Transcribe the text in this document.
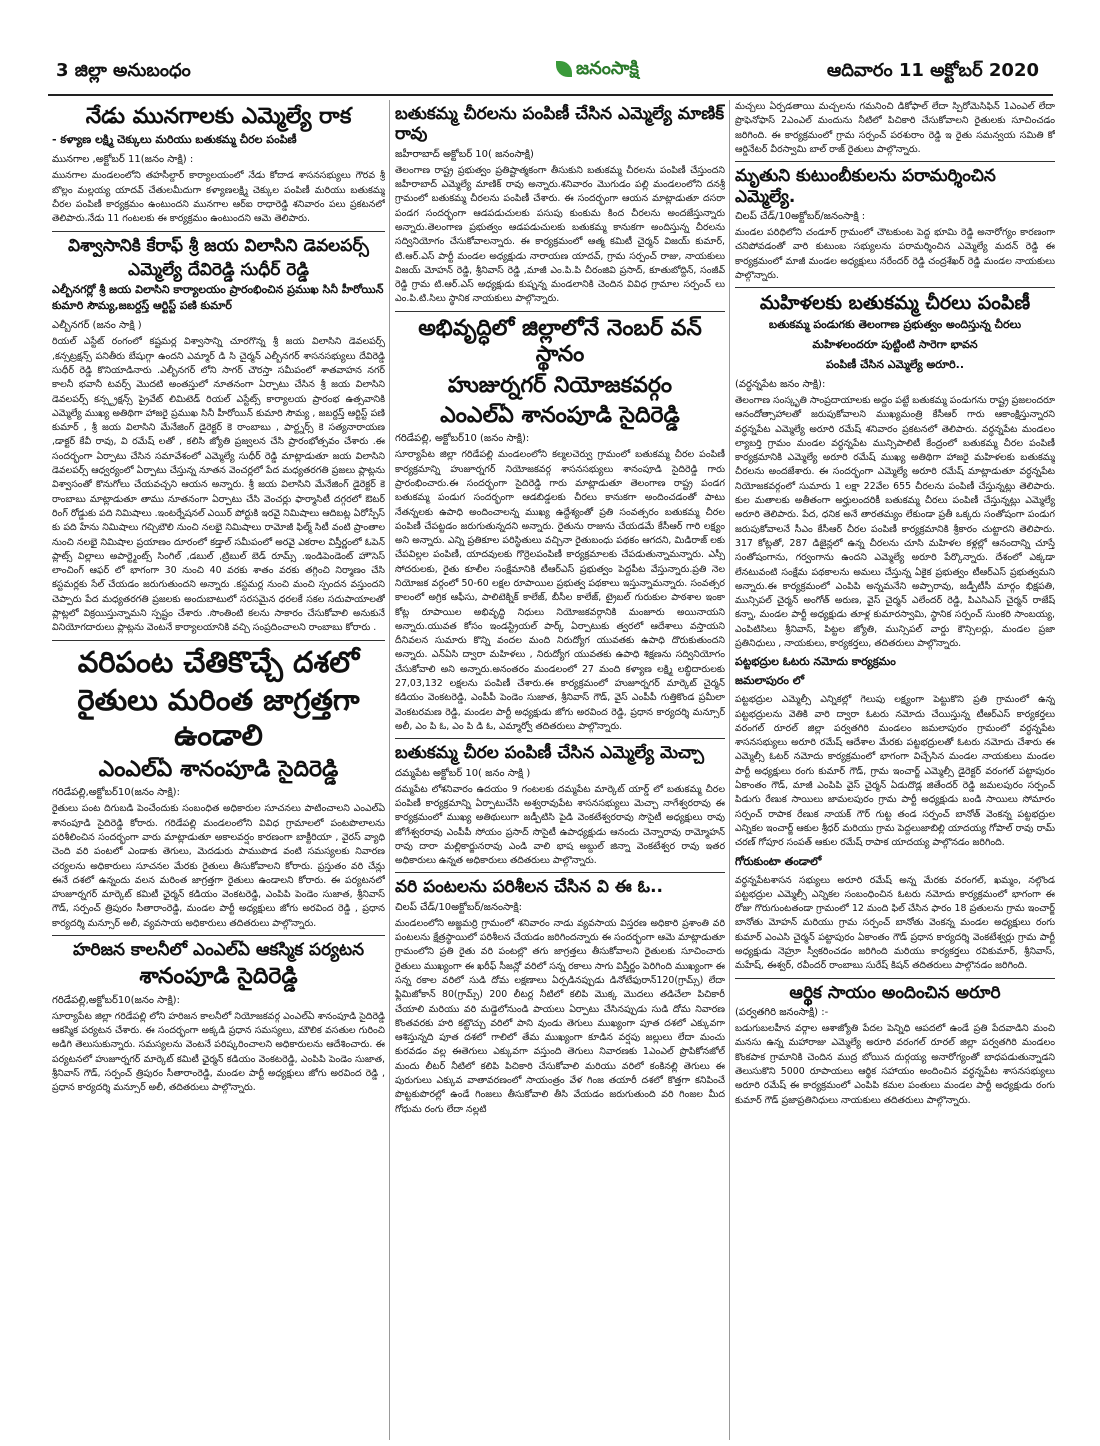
3 జిల్లా అనుబంధం	జనంసాక్షి	ఆదివారం 11 అక్టోబర్ 2020
నేడు మునగాలకు ఎమ్మెల్యే రాక
- కళ్యాణ లక్ష్మి చెక్కులు మరియు బతుకమ్మ చీరల పంపిణీ
మునగాల ,అక్టోబర్ 11(జనం సాక్షి) :
మునగాల మండలంలోని తహసీల్దార్ కార్యాలయంలో నేడు కోదాడ శాసనసభ్యులు గౌరవ శ్రీ బొల్లం మల్లయ్య యాదవ్ చేతులమీదుగా కళ్యాణలక్ష్మి చెక్కుల పంపిణీ మరియు బతుకమ్మ చీరల పంపిణీ కార్యక్రమం ఉంటుందని మునగాల ఆర్ఐ రాధారెడ్డి శనివారం పలు ప్రకటనలో తెలిపారు.నేడు 11 గంటలకు ఈ కార్యక్రమం ఉంటుందని ఆమె తెలిపారు.
విశ్వాసానికి కేరాఫ్ శ్రీ జయ విలాసిని డెవలపర్స్
ఎమ్మెల్యే దేవిరెడ్డి సుధీర్ రెడ్డి
ఎల్బీనగర్లో శ్రీ జయ విలాసిని కార్యాలయం ప్రారంభించిన ప్రముఖ సినీ హీరోయిన్ కుమారి సౌమ్య,జబర్దస్త్ ఆర్టిస్ట్ పణి కుమార్
ఎల్బీనగర్ (జనం సాక్షి )
రియల్ ఎస్టేట్ రంగంలో కష్టమర్ల విశ్వాసాన్ని చూరగొన్న శ్రీ జయ విలాసిని డెవలపర్స్ ,కన్సట్రక్షన్స్ పనితీరు బేషుగ్గా ఉందని ఎమ్మార్ డి సి చైర్మన్ ఎల్బీనగర్ శాసనసభ్యులు దేవిరెడ్డి సుధీర్ రెడ్డి కొనియాడినారు .ఎల్బీనగర్ లోని సాగర్ చౌరస్తా సమీపంలో శాతవాహన నగర్ కాలనీ భవానీ టవర్స్ మొదటి అంతస్తులో నూతనంగా ఏర్పాటు చేసిన శ్రీ జయ విలాసిని డెవలపర్స్ కన్స్ట్రక్షన్స్ ప్రైవేట్ లిమిటెడ్ రియల్ ఎస్టేట్స్ కార్యాలయ ప్రారంభ ఉత్సవానికి ఎమ్మెల్యే ముఖ్య అతిథిగా హాజరై ప్రముఖ సినీ హీరోయిన్ కుమారి సౌమ్య , జబర్దస్త్ ఆర్టిస్ట్ పణి కుమార్ , శ్రీ జయ విలాసిని మేనేజింగ్ డైరెక్టర్ కె రాంబాబు , పార్ట్నర్స్ కె సత్యనారాయణ ,డాక్టర్ కేవీ రావు, వి రమేష్ లతో , కలిసి జ్యోతి ప్రజ్వలన చేసి ప్రారంభోత్సవం చేశారు .ఈ సందర్భంగా ఏర్పాటు చేసిన సమావేశంలో ఎమ్మెల్యే సుధీర్ రెడ్డి మాట్లాడుతూ జయ విలాసిని డెవలపర్స్ ఆధ్వర్యంలో ఏర్పాటు చేస్తున్న నూతన వెంచర్లలో పేద మధ్యతరగతి ప్రజలు ప్లాట్లను విశ్వాసంతో కొనుగోలు చేయవచ్చని ఆయన అన్నారు. శ్రీ జయ విలాసిని మేనేజింగ్ డైరెక్టర్ కె రాంబాబు మాట్లాడుతూ తాము నూతనంగా ఏర్పాటు చేసి వెంచర్లు ఫార్మాసిటీ దగ్గరలో ఔటర్ రింగ్ రోడ్డుకు పది నిమిషాలు .ఇంటర్నేషనల్ ఎయిర్ పోర్టుకి ఇరవై నిమిషాలు ఆదిబట్ల ఏరోస్పేస్ కు పది హేను నిమిషాలు గచ్చిబౌలి నుంచి నలభై నిమిషాలు రామోజీ ఫిల్మ్ సిటీ వంటి ప్రాంతాల నుంచి నలభై నిమిషాల ప్రయాణం దూరంలో కడ్తాల్ సమీపంలో అరవై ఎకరాల విస్తీర్ణంలో ఓపెన్ ప్లాట్స్ విల్లాలు అపార్ట్మెంట్స్ సింగిల్ ,డబుల్ ,ట్రిబుల్ బెడ్ రూమ్స్ .ఇండిపెండెంట్ హౌసెస్ లాంచింగ్ ఆఫర్ లో భాగంగా 30 నుంచి 40 వరకు శాతం వరకు తగ్గించి నిర్మాణం చేసి కస్టమర్లకు సేల్ చేయడం జరుగుతుందని అన్నారు .కస్టమర్ల నుంచి మంచి స్పందన వస్తుందని చెప్పారు పేద మధ్యతరగతి ప్రజలకు అందుబాటులో సరసమైన ధరలకే సకల సదుపాయాలతో ప్లాట్లలో విక్రయిస్తున్నామని స్పష్టం చేశారు .సొంతింటి కలను సాకారం చేసుకోవాలి అనుకునే వినియోగదారులు ప్లాట్లను వెంటనే కార్యాలయానికి వచ్చి సంప్రదించాలని రాంబాబు కోరారు .
వరిపంట చేతికొచ్చే దశలో
రైతులు మరింత జాగ్రత్తగా ఉండాలి
ఎంఎల్ఏ శానంపూడి సైదిరెడ్డి
గరిడేపల్లి,అక్టోబర్10(జనం సాక్షి):
రైతులు పంట దిగుబడి పెంచేందుకు సంబంధిత అధికారుల సూచనలు పాటించాలని ఎంఎల్ఏ శానంపూడి సైదిరెడ్డి కోరారు. గరిడేపల్లి మండలంలోని వివిధ గ్రామాలలో పంటపొలాలను పరిశీలించిన సందర్భంగా వారు మాట్లాడుతూ అకాలవర్షం కారణంగా బాక్టీరియా , వైరస్ వ్యాధి చెంది వరి పంటలో ఎండాకు తెగులు, మెదడురు పాముపొడ వంటి సమస్యలకు నివారణ చర్యలను అధికారులు సూచనల మేరకు రైతులు తీసుకోవాలని కోరారు. ప్రస్తుతం వరి చేన్లు ఈనే దశలో ఉన్నందు వలన మరింత జాగ్రత్తగా రైతులు ఉండాలని కోరారు. ఈ పర్యటనలో హుజూర్నగర్ మార్కెట్ కమిటీ ఛైర్మన్ కడియం వెంకటరెడ్డి, ఎంపిపి పెండెం సుజాత, శ్రీనివాస్ గౌడ్, సర్పంచ్ త్రిపురం సీతారాంరెడ్డి, మండల పార్టీ అధ్యక్షులు జోగు అరవింద రెడ్డి , ప్రధాన కార్యదర్శి మన్సూర్ అలీ, వ్యవసాయ అధికారులు తదితరులు పాల్గొన్నారు.
హరిజన కాలనీలో ఎంఎల్ఏ ఆకస్మిక పర్యటన
శానంపూడి సైదిరెడ్డి
గరిడేపల్లి,అక్టోబర్10(జనం సాక్షి):
సూర్యాపేట జిల్లా గరిడేపల్లి లోని హరిజన కాలనీలో నియోజకవర్గ ఎంఎల్ఏ శానంపూడి సైదిరెడ్డి ఆకస్మిక పర్యటన చేశారు. ఈ సందర్భంగా అక్కడి ప్రధాన సమస్యలు, మౌలిక వసతుల గురించి అడిగి తెలుసుకున్నారు. సమస్యలను వెంటనే పరిష్కరించాలని అధికారులను ఆదేశించారు. ఈ పర్యటనలో హుజూర్నగర్ మార్కెట్ కమిటీ ఛైర్మన్ కడియం వెంకటరెడ్డి, ఎంపిపి పెండెం సుజాత, శ్రీనివాస్ గౌడ్, సర్పంచ్ త్రిపురం సీతారాంరెడ్డి, మండల పార్టీ అధ్యక్షులు జోగు అరవింద రెడ్డి , ప్రధాన కార్యదర్శి మన్సూర్ అలీ, తదితరులు పాల్గొన్నారు.
బతుకమ్మ చీరలను పంపిణీ చేసిన ఎమ్మెల్యే మాణిక్ రావు
జహీరాబాద్ అక్టోబర్ 10( జనంసాక్షి)
తెలంగాణ రాష్ట్ర ప్రభుత్వం ప్రతిష్టాత్మకంగా తీసుకుని బతుకమ్మ చీరలను పంపిణీ చేస్తుందని జహీరాబాద్ ఎమ్మెల్యే మాణిక్ రావు అన్నారు.శనివారం మొగుడం పల్లి మండలంలోని దనశ్రీ గ్రామంలో బతుకమ్మ చీరలను పంపిణీ చేశారు. ఈ సందర్భంగా ఆయన మాట్లాడుతూ దసరా పండగ సందర్భంగా ఆడపడుచులకు పసుపు కుంకుమ కింద చీరలను అందజేస్తున్నారు అన్నారు.తెలంగాణ ప్రభుత్వం ఆడపడుచులకు బతుకమ్మ కానుకగా అందిస్తున్న చీరలను సద్వినియోగం చేసుకోవాలన్నారు. ఈ కార్యక్రమంలో ఆత్మ కమిటీ చైర్మన్ విజయ్ కుమార్, టి.ఆర్.ఎస్ పార్టీ మండల అధ్యక్షుడు నారాయణ యాదవ్, గ్రామ సర్పంచ్ రాజు, నాయకులు విజయ్ మోహన్ రెడ్డి, శ్రీనివాస్ రెడ్డి ,మాజీ ఎం.పి.పి చీరంజివి ప్రసాద్, కూతుబోద్దిన్, సంజీవ్ రెడ్డి గ్రామ టి.ఆర్.ఎస్ అధ్యక్షుడు కుష్నన్న మండలానికి చెందిన వివిధ గ్రామాల సర్పంచ్ లు ఎం.పి.టి.సిలు స్థానిక నాయకులు పాల్గొన్నారు.
అభివృద్ధిలో జిల్లాలోనే నెంబర్ వన్ స్థానం
హుజుర్నగర్ నియోజకవర్గం
ఎంఎల్ఏ శానంపూడి సైదిరెడ్డి
గరిడేపల్లి, అక్టోబర్10 (జనం సాక్షి):
సూర్యాపేట జిల్లా గరిడేపల్లి మండలంలోని కల్మలచెర్వు గ్రామంలో బతుకమ్మ చీరల పంపిణీ కార్యక్రమాన్ని హుజూర్నగర్ నియోజకవర్గ శాసనసభ్యులు శానంపూడి సైదిరెడ్డి గారు ప్రారంభించారు.ఈ సందర్భంగా సైదిరెడ్డి గారు మాట్లాడుతూ తెలంగాణ రాష్ట్ర పండగ బతుకమ్మ పండుగ సందర్భంగా ఆడబిడ్డలకు చీరలు కానుకగా అందించడంతో పాటు నేతన్నలకు ఉపాధి అందించాలన్న ముఖ్య ఉద్దేశ్యంతో ప్రతి సంవత్సరం బతుకమ్మ చీరల పంపిణీ చేపట్టడం జరుగుతున్నదని అన్నారు. రైతును రాజును చేయడమే కేసీఆర్ గారి లక్ష్యం అని అన్నారు. ఎన్ని ప్రతికూల పరిస్థితులు వచ్చినా రైతుబంధు పథకం ఆగదని, మిడిరాజ్ లకు చేపవిల్లల పంపిణీ, యాదవులకు గొర్రెలపంపిణీ కార్యక్రమాలకు చేపడుతున్నామన్నారు. ఎస్సీ సోదరులకు, రైతు కూలీల సంక్షేమానికి టీఆర్ఎస్ ప్రభుత్వం పెద్దపీట వేస్తున్నారు.ప్రతి నెల నియోజక వర్గంలో 50-60 లక్షల రూపాయిల ప్రభుత్వ పథకాలు ఇస్తున్నామన్నారు. సంవత్సర కాలంలో అగ్రిక ఆఫీసు, పాలిటెక్నిక్ కాలేజ్, బీసీల కాలేజ్, ట్రైబల్ గురుకుల పాఠశాల ఇంకా కోట్ల రూపాయిల అభివృద్ధి నిధులు నియోజకవర్గానికి మంజూరు అయినాయని అన్నారు.యువత కోసం ఇండస్ట్రియల్ పార్క్ ఏర్పాటుకు త్వరలో ఆదేశాలు వస్తాయని దీనివలన సుమారు కొన్ని వందల మంది నిరుద్యోగ యువతకు ఉపాధి దొరుకుతుందని అన్నారు. ఎన్ఏసి ద్వారా మహిళలు , నిరుద్యోగ యువతకు ఉపాధి శిక్షణను సద్వినియోగం చేసుకోవాలి అని అన్నారు.అనంతరం మండలంలో 27 మంది కళ్యాణ లక్ష్మి లబ్ధిదారులకు 27,03,132 లక్షలను పంపిణీ చేశారు.ఈ కార్యక్రమంలో హుజూర్నగర్ మార్కెట్ చైర్మన్ కడియం వెంకటరెడ్డి, ఎంపీపీ పెండెం సుజాత, శ్రీనివాస్ గౌడ్, వైస్ ఎంపీపీ గుత్తికొండ ప్రమీలా వెంకటరమణ రెడ్డి, మండల పార్టీ అధ్యక్షుడు జోగు అరవింద రెడ్డి, ప్రధాన కార్యదర్శి మన్సూర్ అలీ, ఎం పి ఓ, ఎం పి డి ఓ, ఎమ్మార్వో తదితరులు పాల్గొన్నారు.
బతుకమ్మ చీరల పంపిణీ చేసిన ఎమ్మెల్యే మెచ్చా
దమ్మపేట అక్టోబర్ 10( జనం సాక్షి )
దమ్మపేట లోశనివారం ఉదయం 9 గంటలకు దమ్మపేట మార్కెట్ యార్డ్ లో బతుకమ్మ చీరల పంపిణీ కార్యక్రమాన్ని ఏర్పాటుచేసి అశ్వరావుపేట శాసనసభ్యులు మెచ్చా నాగేశ్వరరావు ఈ కార్యక్రమంలో ముఖ్య అతిథులుగా జడ్పీటిసి పైడి వెంకటేశ్వరరావు సొసైటీ అధ్యక్షులు రావు జోగేశ్వరరావు ఎంపీపీ సోయం ప్రసాద్ సొసైటీ ఉపాధ్యక్షుడు ఆనందు చెన్నారావు రామ్మోహన్ రావు దారా మల్లికార్జునరావు ఎండి వాలి భాష అబ్దుల్ జిన్నా వెంకటేశ్వర రావు ఇతర అధికారులు ఉన్నత అధికారులు తదితరులు పాల్గొన్నారు.
వరి పంటలను పరిశీలన చేసిన వి ఈ ఓ..
చిలప్ చేడ్/10అక్టోబర్/జనంసాక్షి:
మండలంలోని అజ్జమర్రి గ్రామంలో శనివారం నాడు వ్యవసాయ విస్తరణ అధికారి ప్రశాంతి వరి పంటలను క్షేత్రస్థాయిలో పరిశీలన చేయడం జరిగిందన్నారు ఈ సందర్భంగా ఆమె మాట్లాడుతూ గ్రామంలోని ప్రతి రైతు వరి పంటల్లొ తగు జాగ్రత్తలు తీసుకోవాలని రైతులకు సూచించారు రైతులు ముఖ్యంగా ఈ ఖరీఫ్ సీజన్లో వరిలో సన్న రకాలు సాగు విస్తీర్ణం పెరిగింది ముఖ్యంగా ఈ సన్న రకాల వరిలో సుడి దోమ లక్షణాలు ఏర్పడినప్పుడు డినోటేఫురాన్120(గ్రామ్స్) లేదా ఫ్లిమిజోకాన్ 80(గ్రామ్స్) 200 లీటర్ల నీటిలో కలిపి మొక్క మొదలు తడిచేలా పిచికారీ చేయాలి మరియు వరి మడ్డెలోనుండి పాయలు ఏర్పాటు చేసినప్పుడు సుడి దోమ నివారణ కొంతవరకు హరి కట్టొచ్చు వరిలో పాని వుండు తెగులు ముఖ్యంగా పూత దశలో ఎక్కువగా ఆశిస్తున్నది పూత దశలో గాలిలో తేమ ముఖ్యంగా కూడిన వర్షపు జల్లులు లేదా మంచు కురవడం వల్ల ఈతెగులు ఎక్కువగా వస్తుంది తెగులు నివారణకు 1ఎంఎల్ ప్రొపికోనజోల్ మందు లీటర్ నీటిలో కలిపి పిచికారి చేసుకోవాలి మరియు వరిలో కంకినల్లి తెగులు ఈ పురుగులు ఎక్కువ వాతావరణంలో సాయంత్రం వేళ గింజ తయారీ దశలో కొత్తగా కనిపించే పొట్టకుపొరల్లో ఉండే గింజలు తీసుకోవాలి తీసి వేయడం జరుగుతుంది వరి గింజల మీద గోధుమ రంగు లేదా నల్లటి
మచ్చలు ఏర్పడతాయి మచ్చలను గమనించి డికోఫాల్ లేదా స్పిరోమెసిఫిన్ 1ఎంఎల్ లేదా ప్రొఫెనోఫాస్ 2ఎంఎల్ మందును నీటిలో పిచికారి చేసుకోవాలని రైతులకు సూచించడం జరిగింది. ఈ కార్యక్రమంలో గ్రామ సర్పంచ్ పరశురాం రెడ్డి ఇ రైతు సమన్వయ సమితి కో ఆర్డినేటర్ వీరస్వామి బాల్ రాజ్ రైతులు పాల్గొన్నారు.
మృతుని కుటుంబీకులను పరామర్శించిన ఎమ్మెల్యే.
చిలప్ చేడ్/10అక్టోబర్/జనంసాక్షి :
మండల పరిధిలోని చండూర్ గ్రామంలో చౌటకుంట పెద్ద భూమి రెడ్డి అనారోగ్యం కారణంగా చనిపోవడంతో వారి కుటుంబ సభ్యులను పరామర్శించిన ఎమ్మెల్యే మదన్ రెడ్డి ఈ కార్యక్రమంలో మాజీ మండల అధ్యక్షులు నరేందర్ రెడ్డి చంద్రశేఖర్ రెడ్డి మండల నాయకులు పాల్గొన్నారు.
మహిళలకు బతుకమ్మ చీరలు పంపిణీ
బతుకమ్మ పండుగకు తెలంగాణ ప్రభుత్వం అందిస్తున్న చీరలు
మహిళలందరూ పుట్టింటి సారెగా భావన
పంపిణీ చేసిన ఎమ్మెల్యే అరూరి..
(వర్ధన్నపేట జనం సాక్షి):
తెలంగాణ సంస్కృతి సాంప్రదాయాలకు అద్దం పట్టే బతుకమ్మ పండుగను రాష్ట్ర ప్రజలందరూ ఆనందోత్సాహాలతో జరుపుకోవాలని ముఖ్యమంత్రి కేసీఆర్ గారు ఆకాంక్షిస్తున్నారని వర్ధన్నపేట ఎమ్మెల్యే అరూరి రమేష్ శనివారం ప్రకటనలో తెలిపారు. వర్ధన్నపేట మండలం ల్యాబర్తి గ్రామం మండల వర్ధన్నపేట మున్సిపాలిటీ కేంద్రంలో బతుకమ్మ చీరల పంపిణీ కార్యక్రమానికి ఎమ్మెల్యే అరూరి రమేష్ ముఖ్య అతిథిగా హాజరై మహిళలకు బతుకమ్మ చీరలను అందజేశారు. ఈ సందర్భంగా ఎమ్మెల్యే అరూరి రమేష్ మాట్లాడుతూ వర్ధన్నపేట నియోజకవర్గంలో సుమారు 1 లక్షా 22వేల 655 చీరలను పంపిణీ చేస్తున్నట్లు తెలిపారు. కుల మతాలకు అతీతంగా అర్హులందరికీ బతుకమ్మ చీరలు పంపిణీ చేస్తున్నట్లు ఎమ్మెల్యే అరూరి తెలిపారు. పేద, ధనిక అనే తారతమ్యం లేకుండా ప్రతీ ఒక్కరు సంతోషంగా పండుగ జరుపుకోవాలనే సీఎం కేసీఆర్ చీరల పంపిణీ కార్యక్రమానికి శ్రీకారం చుట్టారని తెలిపారు. 317 కోట్లతో, 287 డిజైన్లలో ఉన్న చీరలను చూసి మహిళల కళ్లల్లో ఆనందాన్ని చూస్తే సంతోషంగాను, గర్వంగాను ఉందని ఎమ్మెల్యే అరూరి పేర్కొన్నారు. దేశంలో ఎక్కడా లేనటువంటి సంక్షేమ పథకాలను అమలు చేస్తున్న ఏకైక ప్రభుత్వం టీఆర్ఎస్ ప్రభుత్వమని అన్నారు.ఈ కార్యక్రమంలో ఎంపిపి అన్నమనేని అప్పారావు, జడ్పీటీసీ మార్గం భిక్షపతి, మున్సిపల్ చైర్మన్ అంగోత్ అరుణ, వైస్ చైర్మన్ ఎలేందర్ రెడ్డి, పిఎసిఎస్ చైర్మన్ రాజేష్ కన్నా, మండల పార్టీ అధ్యక్షుడు తూళ్ల కుమారస్వామి, స్థానిక సర్పంచ్ సుంకరి సాంబయ్య, ఎంపిటిసిలు శ్రీనివాస్, పిట్టల జ్యోతి, మున్సిపల్ వార్డు కౌన్సిలర్లు, మండల ప్రజా ప్రతినిధులు , నాయకులు, కార్యకర్తలు, తదితరులు పాల్గొన్నారు.
పట్టభద్రుల ఓటరు నమోదు కార్యక్రమం
జమలాపురం లో
పట్టభద్రుల ఎమ్మెల్సీ ఎన్నికల్లో గెలుపు లక్ష్యంగా పెట్టుకొని ప్రతి గ్రామంలో ఉన్న పట్టభద్రులను వెతికి వారి ద్వారా ఓటరు నమోదు చేయిస్తున్న టీఆర్ఎస్ కార్యకర్తలు వరంగల్ రూరల్ జిల్లా పర్వతగిరి మండలం జమలాపురం గ్రామంలో వర్ధన్నపేట శాసనసభ్యులు అరూరి రమేష్ ఆదేశాల మేరకు పట్టభద్రులతో ఓటరు నమోదు చేశారు ఈ ఎమ్మెల్సీ ఓటర్ నమోదు కార్యక్రమంలో భాగంగా విచ్చేసిన మండల నాయకులు మండల పార్టీ అధ్యక్షులు రంగు కుమార్ గౌడ్, గ్రామ ఇంచార్జ్ ఎమ్మెల్సీ డైరెక్టర్ వరంగల్ పట్టాపురం ఏకాంతం గౌడ్, మాజీ ఎంపిపి వైస్ చైర్మన్ ఏడుదొడ్ల జితేందర్ రెడ్డి జమలపురం సర్పంచ్ పిడుగు రేణుక సాయిలు జామలపురం గ్రామ పార్టీ అధ్యక్షుడు బండి సాయిలు సోమారం సర్పంచ్ రాపాక రేణుక నాయక్ గౌర్ గుట్ట తండ సర్పంచ్ బానోత్ వెంకన్న పట్టభద్రుల ఎన్నికల ఇంచార్జ్ ఆకుల శ్రీధర్ మరియు గ్రామ పెద్దలుజాబిల్లి యాదయ్య గోపాల్ రావు రామ్ చరణ్ గోపూర సంపత్ ఆకుల రమేష్ రాపాక యాదయ్య పాల్గొనడం జరిగింది.
గోరుకుంటా తండాలో
వర్ధన్నపేటశాసన సభ్యులు అరూరి రమేష్ అన్న మేరకు వరంగల్, ఖమ్మం, నల్గొండ పట్టభద్రుల ఎమ్మెల్సీ ఎన్నికల సంబంధించిన ఓటరు నమోదు కార్యక్రమంలో భాగంగా ఈ రోజు గొరుగుంటతండా గ్రామంలో 12 మంది ఫిల్ చేసిన ఫారం 18 ప్రతులను గ్రామ ఇంచార్జ్ బానోతు మోహన్ మరియు గ్రామ సర్పంచ్ బానోతు వెంకన్న మండల అధ్యక్షులు రంగు కుమార్ ఎంఎసి చైర్మన్ పట్టాపురం ఏకాంతం గౌడ్ ప్రధాన కార్యదర్శి వెంకటేశ్వర్లు గ్రామ పార్టీ అధ్యక్షుడు నెహ్రూ స్వీకరించడం జరిగింది మరియు కార్యకర్తలు రవికుమార్, శ్రీనివాస్, మహేష్, ఈశ్వర్, రవీందర్ రాంబాబు సురేష్ కిషన్ తదితరులు పాల్గొనడం జరిగింది.
ఆర్థిక సాయం అందించిన అరూరి
(పర్వతగిరి జనంసాక్షి) :-
బడుగుబలహీన వర్గాల ఆశాజ్యోతి పేదల పెన్నిధి ఆపదలో ఉండే ప్రతి పేదవాడిని మంచి మనసు ఉన్న మహారాజు ఎమ్మెల్యే అరూరి వరంగల్ రూరల్ జిల్లా పర్వతగిరి మండలం కొంకపాక గ్రామానికి చెందిన ముద్ర బోయిన దుర్గయ్య అనారోగ్యంతో బాధపడుతున్నాడని తెలుసుకొని 5000 రూపాయలు ఆర్థిక సహాయం అందించిన వర్ధన్నపేట శాసనసభ్యులు అరూరి రమేష్ ఈ కార్యక్రమంలో ఎంపిపి కమల పంతులు మండల పార్టీ అధ్యక్షుడు రంగు కుమార్ గౌడ్ ప్రజాప్రతినిధులు నాయకులు తదితరులు పాల్గొన్నారు.
